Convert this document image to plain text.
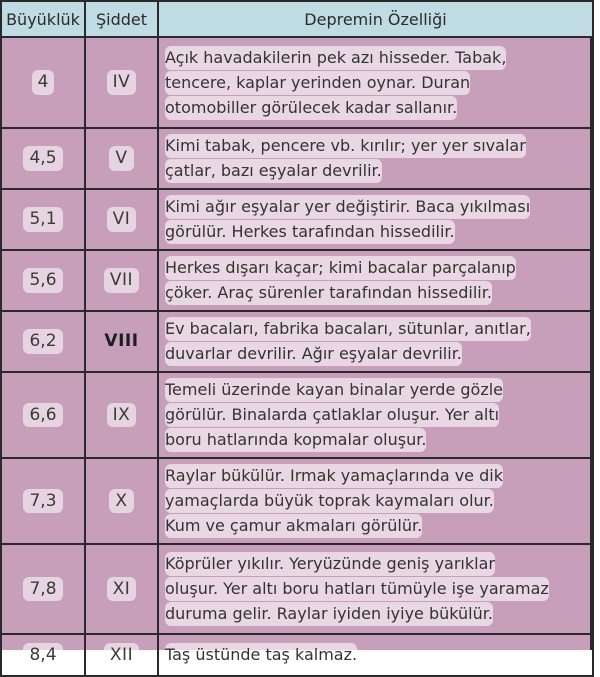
Büyüklük	Şiddet	Depremin Özelliği
4	IV	Açık havadakilerin pek azı hisseder. Tabak,
tencere, kaplar yerinden oynar. Duran
otomobiller görülecek kadar sallanır.

4,5	V	Kimi tabak, pencere vb. kırılır; yer yer sıvalar
çatlar, bazı eşyalar devrilir.

5,1	VI	Kimi ağır eşyalar yer değiştirir. Baca yıkılması
görülür. Herkes tarafından hissedilir.

5,6	VII	Herkes dışarı kaçar; kimi bacalar parçalanıp
çöker. Araç sürenler tarafından hissedilir.

6,2	VIII	Ev bacaları, fabrika bacaları, sütunlar, anıtlar,
duvarlar devrilir. Ağır eşyalar devrilir.

6,6	IX	Temeli üzerinde kayan binalar yerde gözle
görülür. Binalarda çatlaklar oluşur. Yer altı
boru hatlarında kopmalar oluşur.

7,3	X	Raylar bükülür. Irmak yamaçlarında ve dik
yamaçlarda büyük toprak kaymaları olur.
Kum ve çamur akmaları görülür.

7,8	XI	Köprüler yıkılır. Yeryüzünde geniş yarıklar
oluşur. Yer altı boru hatları tümüyle işe yaramaz
duruma gelir. Raylar iyiden iyiye bükülür.

8,4	XII	Taş üstünde taş kalmaz.
